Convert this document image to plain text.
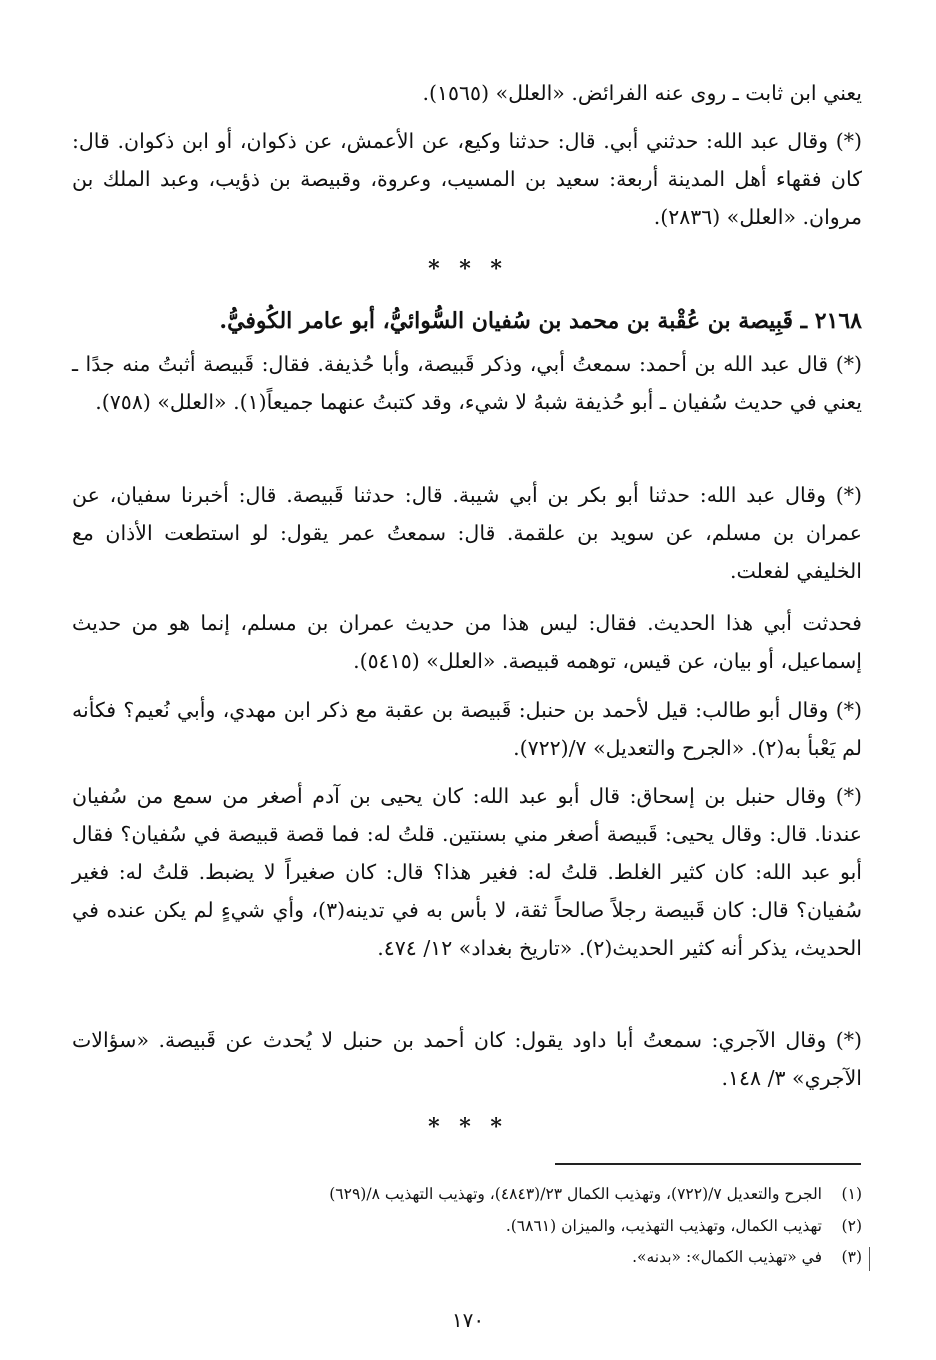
يعني ابن ثابت ـ روى عنه الفرائض. «العلل» (١٥٦٥).

(*) وقال عبد الله: حدثني أبي. قال: حدثنا وكيع، عن الأعمش، عن ذكوان، أو ابن ذكوان. قال: كان فقهاء أهل المدينة أربعة: سعيد بن المسيب، وعروة، وقبيصة بن ذؤيب، وعبد الملك بن مروان. «العلل» (٢٨٣٦).

* * *
٢١٦٨ ـ قَبِيصة بن عُقْبة بن محمد بن سُفيان السُّوائيُّ، أبو عامر الكُوفيُّ.

(*) قال عبد الله بن أحمد: سمعتُ أبي، وذكر قَبيصة، وأبا حُذيفة. فقال: قَبيصة أثبتُ منه جدًا ـ يعني في حديث سُفيان ـ أبو حُذيفة شبهُ لا شيء، وقد كتبتُ عنهما جميعاً(١). «العلل» (٧٥٨).

(*) وقال عبد الله: حدثنا أبو بكر بن أبي شيبة. قال: حدثنا قَبيصة. قال: أخبرنا سفيان، عن عمران بن مسلم، عن سويد بن علقمة. قال: سمعتُ عمر يقول: لو استطعت الأذان مع الخليفي لفعلت.

فحدثت أبي هذا الحديث. فقال: ليس هذا من حديث عمران بن مسلم، إنما هو من حديث إسماعيل، أو بيان، عن قيس، توهمه قبيصة. «العلل» (٥٤١٥).

(*) وقال أبو طالب: قيل لأحمد بن حنبل: قَبيصة بن عقبة مع ذكر ابن مهدي، وأبي نُعيم؟ فكأنه لم يَعْبأ به(٢). «الجرح والتعديل» ٧/(٧٢٢).

(*) وقال حنبل بن إسحاق: قال أبو عبد الله: كان يحيى بن آدم أصغر من سمع من سُفيان عندنا. قال: وقال يحيى: قَبيصة أصغر مني بسنتين. قلتُ له: فما قصة قبيصة في سُفيان؟ فقال أبو عبد الله: كان كثير الغلط. قلتُ له: فغير هذا؟ قال: كان صغيراً لا يضبط. قلتُ له: فغير سُفيان؟ قال: كان قَبيصة رجلاً صالحاً ثقة، لا بأس به في تدينه(٣)، وأي شيءٍ لم يكن عنده في الحديث، يذكر أنه كثير الحديث(٢). «تاريخ بغداد» ١٢/ ٤٧٤.

(*) وقال الآجري: سمعتُ أبا داود يقول: كان أحمد بن حنبل لا يُحدث عن قَبيصة. «سؤالات الآجري» ٣/ ١٤٨.

* * *
(١)الجرح والتعديل ٧/(٧٢٢)، وتهذيب الكمال ٢٣/(٤٨٤٣)، وتهذيب التهذيب ٨/(٦٢٩)
(٢)تهذيب الكمال، وتهذيب التهذيب، والميزان (٦٨٦١).
(٣)في «تهذيب الكمال»: «بدنه».
١٧٠
